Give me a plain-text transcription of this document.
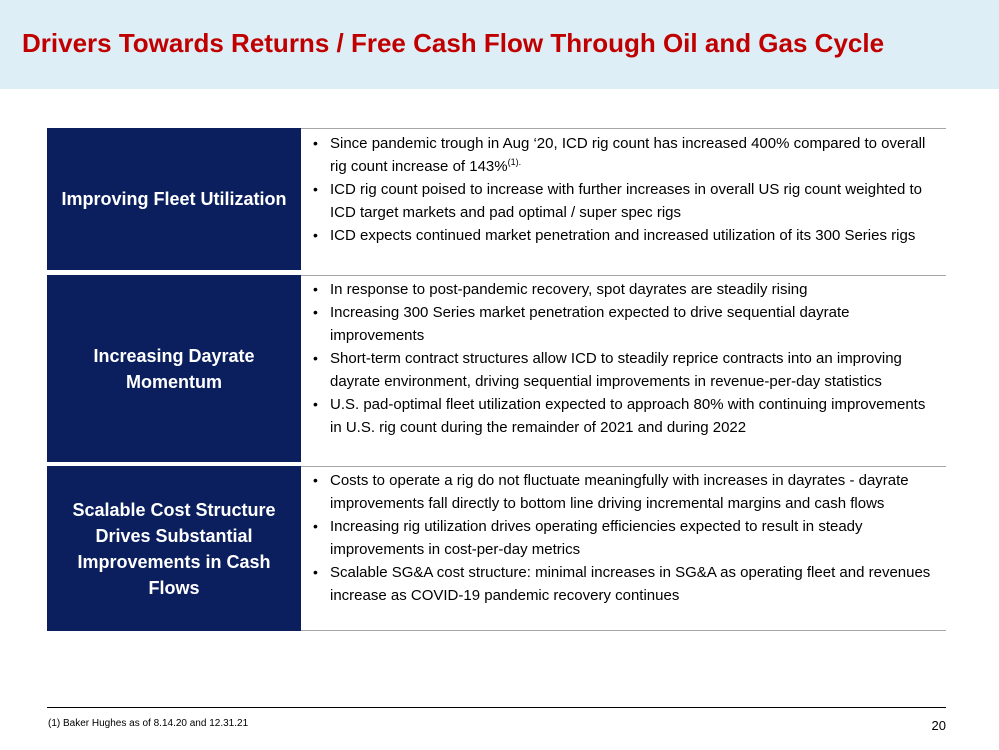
Drivers Towards Returns / Free Cash Flow Through Oil and Gas Cycle
Improving Fleet Utilization
• Since pandemic trough in Aug ‘20, ICD rig count has increased 400% compared to overall rig count increase of 143%$^{(1).}$
• ICD rig count poised to increase with further increases in overall US rig count weighted to ICD target markets and pad optimal / super spec rigs
• ICD expects continued market penetration and increased utilization of its 300 Series rigs
Increasing Dayrate Momentum
• In response to post-pandemic recovery, spot dayrates are steadily rising
• Increasing 300 Series market penetration expected to drive sequential dayrate improvements
• Short-term contract structures allow ICD to steadily reprice contracts into an improving dayrate environment, driving sequential improvements in revenue-per-day statistics
• U.S. pad-optimal fleet utilization expected to approach 80% with continuing improvements in U.S. rig count during the remainder of 2021 and during 2022
Scalable Cost Structure Drives Substantial Improvements in Cash Flows
• Costs to operate a rig do not fluctuate meaningfully with increases in dayrates - dayrate improvements fall directly to bottom line driving incremental margins and cash flows
• Increasing rig utilization drives operating efficiencies expected to result in steady improvements in cost-per-day metrics
• Scalable SG&A cost structure: minimal increases in SG&A as operating fleet and revenues increase as COVID-19 pandemic recovery continues
(1) Baker Hughes as of 8.14.20 and 12.31.21	20
